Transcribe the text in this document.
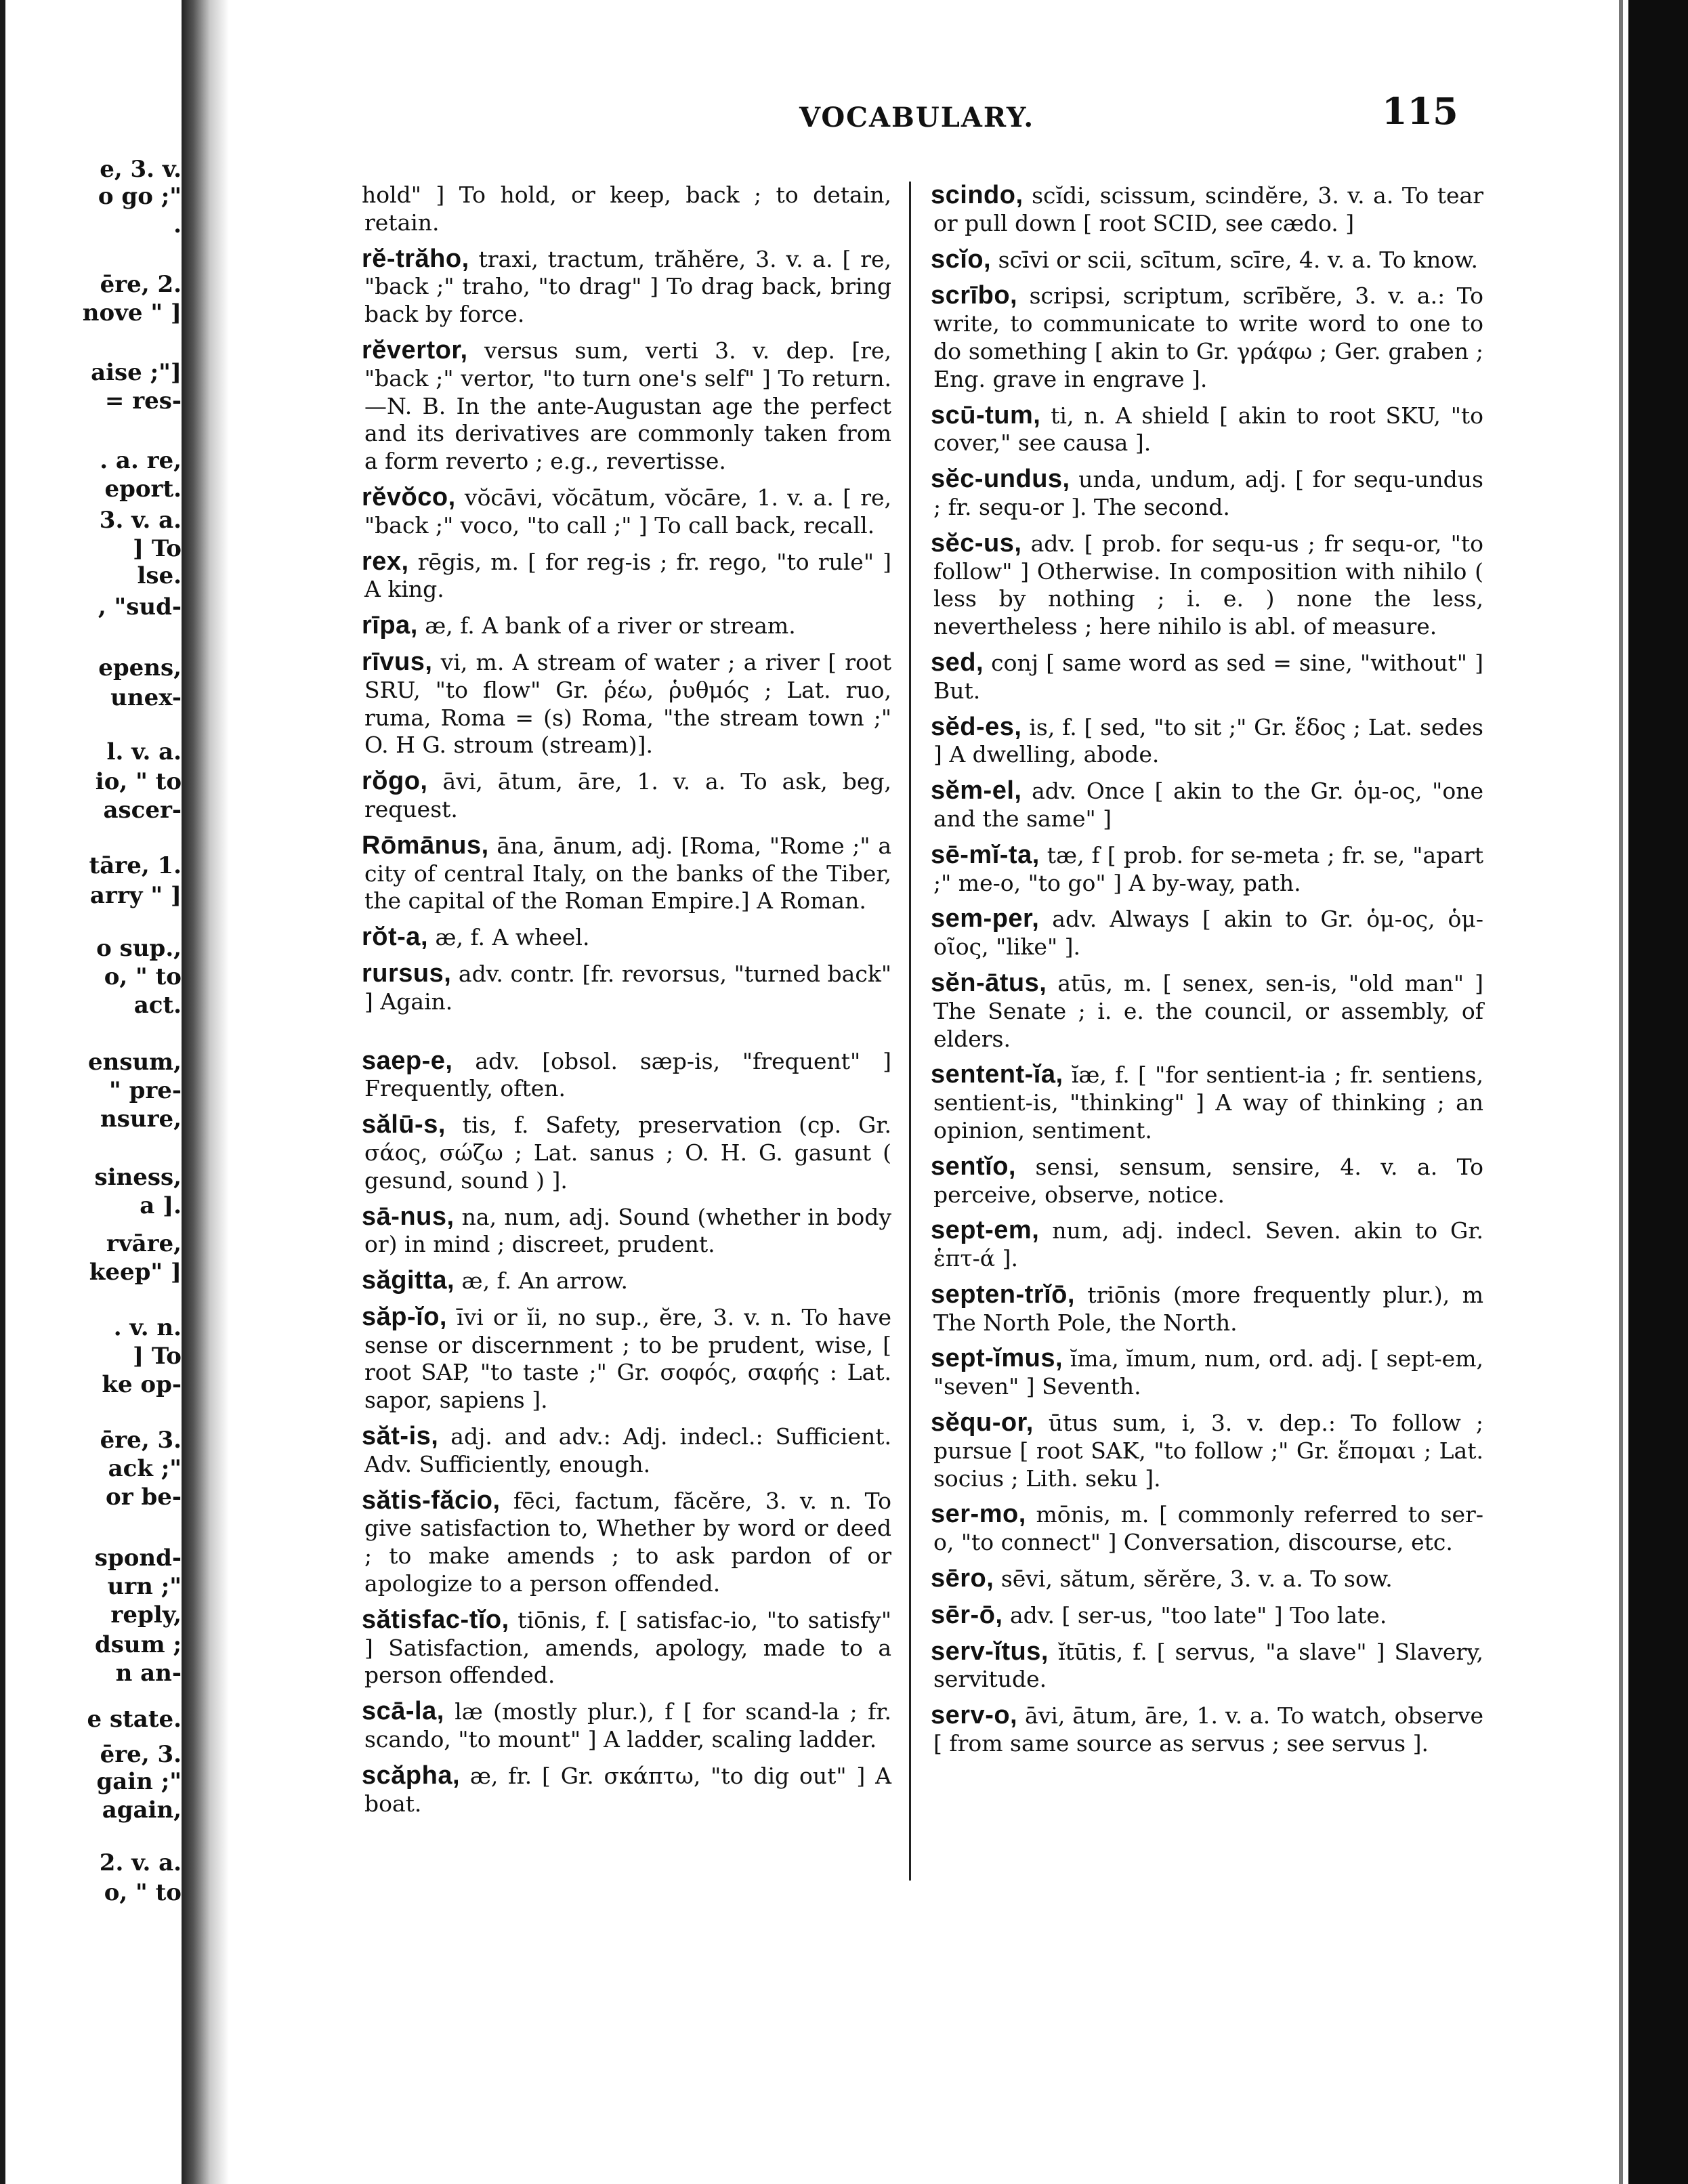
e, 3. v.
o go ;"
.
ēre, 2.
nove " ]
aise ;"]
= res-
. a. re,
eport.
3. v. a.
] To
lse.
, "sud-
epens,
unex-
l. v. a.
io, " to
ascer-
tāre, 1.
arry " ]
o sup.,
o, " to
act.
ensum,
" pre-
nsure,
siness,
a ].
rvāre,
keep" ]
. v. n.
] To
ke op-
ēre, 3.
ack ;"
or be-
spond-
urn ;"
reply,
dsum ;
n an-
e state.
ēre, 3.
gain ;"
again,
2. v. a.
o, " to
VOCABULARY.	115

hold" ] To hold, or keep, back ; to detain, retain.

rĕ-trăho, traxi, tractum, trăhĕre, 3. v. a. [ re, "back ;" traho, "to drag" ] To drag back, bring back by force.

rĕvertor, versus sum, verti 3. v. dep. [re, "back ;" vertor, "to turn one's self" ] To return.—N. B. In the ante-Augustan age the perfect and its derivatives are commonly taken from a form reverto ; e.g., revertisse.

rĕvŏco, vŏcāvi, vŏcātum, vŏcāre, 1. v. a. [ re, "back ;" voco, "to call ;" ] To call back, recall.

rex, rēgis, m. [ for reg-is ; fr. rego, "to rule" ] A king.

rīpa, æ, f. A bank of a river or stream.

rīvus, vi, m. A stream of water ; a river [ root SRU, "to flow" Gr. ῥέω, ῥυθμός ; Lat. ruo, ruma, Roma = (s) Roma, "the stream town ;" O. H G. stroum (stream)].

rŏgo, āvi, ātum, āre, 1. v. a. To ask, beg, request.

Rōmānus, āna, ānum, adj. [Roma, "Rome ;" a city of central Italy, on the banks of the Tiber, the capital of the Roman Empire.] A Roman.

rŏt-a, æ, f. A wheel.

rursus, adv. contr. [fr. revorsus, "turned back" ] Again.

saep-e, adv. [obsol. sæp-is, "frequent" ] Frequently, often.

sălū-s, tis, f. Safety, preservation (cp. Gr. σάος, σώζω ; Lat. sanus ; O. H. G. gasunt ( gesund, sound ) ].

sā-nus, na, num, adj. Sound (whether in body or) in mind ; discreet, prudent.

săgitta, æ, f. An arrow.

săp-ĭo, īvi or ĭi, no sup., ĕre, 3. v. n. To have sense or discernment ; to be prudent, wise, [ root SAP, "to taste ;" Gr. σοφός, σαφής : Lat. sapor, sapiens ].

săt-is, adj. and adv.: Adj. indecl.: Sufficient. Adv. Sufficiently, enough.

sătis-făcio, fēci, factum, făcĕre, 3. v. n. To give satisfaction to, Whether by word or deed ; to make amends ; to ask pardon of or apologize to a person offended.

sătisfac-tĭo, tiōnis, f. [ satisfac-io, "to satisfy" ] Satisfaction, amends, apology, made to a person offended.

scā-la, læ (mostly plur.), f [ for scand-la ; fr. scando, "to mount" ] A ladder, scaling ladder.

scăpha, æ, fr. [ Gr. σκάπτω, "to dig out" ] A boat.

scindo, scĭdi, scissum, scindĕre, 3. v. a. To tear or pull down [ root SCID, see cædo. ]

scĭo, scīvi or scii, scītum, scīre, 4. v. a. To know.

scrībo, scripsi, scriptum, scrībĕre, 3. v. a.: To write, to communicate to write word to one to do something [ akin to Gr. γράφω ; Ger. graben ; Eng. grave in engrave ].

scū-tum, ti, n. A shield [ akin to root SKU, "to cover," see causa ].

sĕc-undus, unda, undum, adj. [ for sequ-undus ; fr. sequ-or ]. The second.

sĕc-us, adv. [ prob. for sequ-us ; fr sequ-or, "to follow" ] Otherwise. In composition with nihilo ( less by nothing ; i. e. ) none the less, nevertheless ; here nihilo is abl. of measure.

sed, conj [ same word as sed = sine, "without" ] But.

sĕd-es, is, f. [ sed, "to sit ;" Gr. ἕδος ; Lat. sedes ] A dwelling, abode.

sĕm-el, adv. Once [ akin to the Gr. ὁμ-ος, "one and the same" ]

sē-mĭ-ta, tæ, f [ prob. for se-meta ; fr. se, "apart ;" me-o, "to go" ] A by-way, path.

sem-per, adv. Always [ akin to Gr. ὁμ-ος, ὁμ-οῖος, "like" ].

sĕn-ātus, atūs, m. [ senex, sen-is, "old man" ] The Senate ; i. e. the council, or assembly, of elders.

sentent-ĭa, ĭæ, f. [ "for sentient-ia ; fr. sentiens, sentient-is, "thinking" ] A way of thinking ; an opinion, sentiment.

sentĭo, sensi, sensum, sensire, 4. v. a. To perceive, observe, notice.

sept-em, num, adj. indecl. Seven. akin to Gr. ἑπτ-ά ].

septen-trĭō, triōnis (more frequently plur.), m The North Pole, the North.

sept-ĭmus, ĭma, ĭmum, num, ord. adj. [ sept-em, "seven" ] Seventh.

sĕqu-or, ūtus sum, i, 3. v. dep.: To follow ; pursue [ root SAK, "to follow ;" Gr. ἕπομαι ; Lat. socius ; Lith. seku ].

ser-mo, mōnis, m. [ commonly referred to ser-o, "to connect" ] Conversation, discourse, etc.

sēro, sēvi, sătum, sĕrĕre, 3. v. a. To sow.

sēr-ō, adv. [ ser-us, "too late" ] Too late.

serv-ĭtus, ĭtūtis, f. [ servus, "a slave" ] Slavery, servitude.

serv-o, āvi, ātum, āre, 1. v. a. To watch, observe [ from same source as servus ; see servus ].
